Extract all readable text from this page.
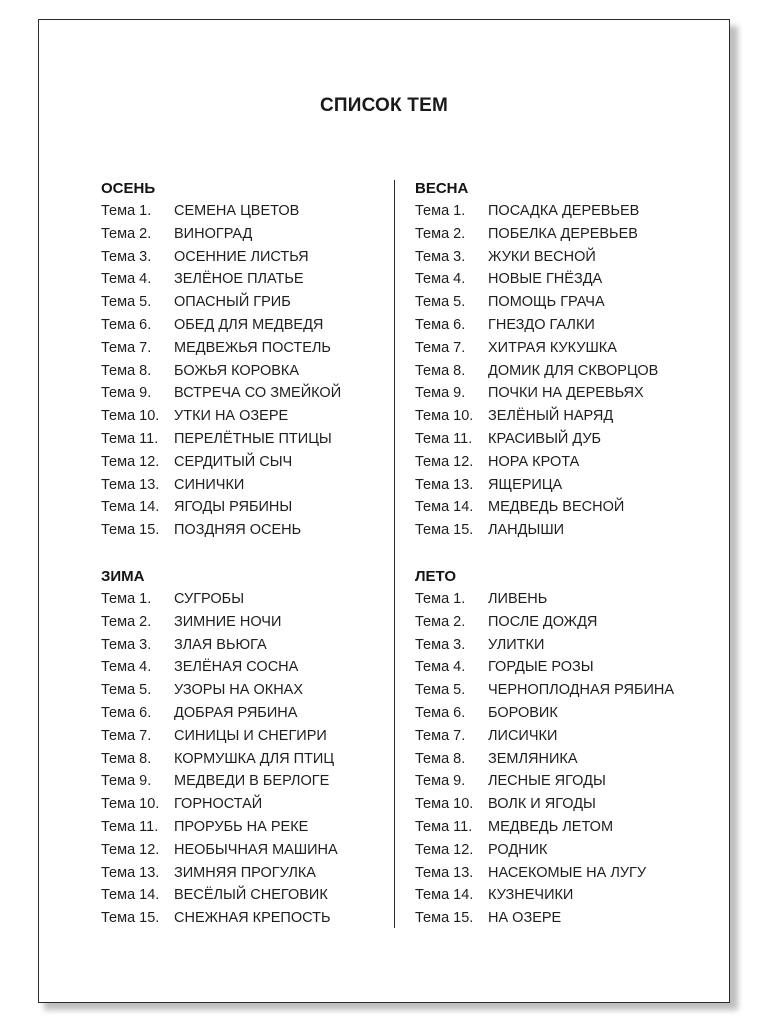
СПИСОК ТЕМ
ОСЕНЬ
Тема 1.	СЕМЕНА ЦВЕТОВ
Тема 2.	ВИНОГРАД
Тема 3.	ОСЕННИЕ ЛИСТЬЯ
Тема 4.	ЗЕЛЁНОЕ ПЛАТЬЕ
Тема 5.	ОПАСНЫЙ ГРИБ
Тема 6.	ОБЕД ДЛЯ МЕДВЕДЯ
Тема 7.	МЕДВЕЖЬЯ ПОСТЕЛЬ
Тема 8.	БОЖЬЯ КОРОВКА
Тема 9.	ВСТРЕЧА СО ЗМЕЙКОЙ
Тема 10.	УТКИ НА ОЗЕРЕ
Тема 11.	ПЕРЕЛЁТНЫЕ ПТИЦЫ
Тема 12.	СЕРДИТЫЙ СЫЧ
Тема 13.	СИНИЧКИ
Тема 14.	ЯГОДЫ РЯБИНЫ
Тема 15.	ПОЗДНЯЯ ОСЕНЬ
ЗИМА
Тема 1.	СУГРОБЫ
Тема 2.	ЗИМНИЕ НОЧИ
Тема 3.	ЗЛАЯ ВЬЮГА
Тема 4.	ЗЕЛЁНАЯ СОСНА
Тема 5.	УЗОРЫ НА ОКНАХ
Тема 6.	ДОБРАЯ РЯБИНА
Тема 7.	СИНИЦЫ И СНЕГИРИ
Тема 8.	КОРМУШКА ДЛЯ ПТИЦ
Тема 9.	МЕДВЕДИ В БЕРЛОГЕ
Тема 10.	ГОРНОСТАЙ
Тема 11.	ПРОРУБЬ НА РЕКЕ
Тема 12.	НЕОБЫЧНАЯ МАШИНА
Тема 13.	ЗИМНЯЯ ПРОГУЛКА
Тема 14.	ВЕСЁЛЫЙ СНЕГОВИК
Тема 15.	СНЕЖНАЯ КРЕПОСТЬ
ВЕСНА
Тема 1.	ПОСАДКА ДЕРЕВЬЕВ
Тема 2.	ПОБЕЛКА ДЕРЕВЬЕВ
Тема 3.	ЖУКИ ВЕСНОЙ
Тема 4.	НОВЫЕ ГНЁЗДА
Тема 5.	ПОМОЩЬ ГРАЧА
Тема 6.	ГНЕЗДО ГАЛКИ
Тема 7.	ХИТРАЯ КУКУШКА
Тема 8.	ДОМИК ДЛЯ СКВОРЦОВ
Тема 9.	ПОЧКИ НА ДЕРЕВЬЯХ
Тема 10.	ЗЕЛЁНЫЙ НАРЯД
Тема 11.	КРАСИВЫЙ ДУБ
Тема 12.	НОРА КРОТА
Тема 13.	ЯЩЕРИЦА
Тема 14.	МЕДВЕДЬ ВЕСНОЙ
Тема 15.	ЛАНДЫШИ
ЛЕТО
Тема 1.	ЛИВЕНЬ
Тема 2.	ПОСЛЕ ДОЖДЯ
Тема 3.	УЛИТКИ
Тема 4.	ГОРДЫЕ РОЗЫ
Тема 5.	ЧЕРНОПЛОДНАЯ РЯБИНА
Тема 6.	БОРОВИК
Тема 7.	ЛИСИЧКИ
Тема 8.	ЗЕМЛЯНИКА
Тема 9.	ЛЕСНЫЕ ЯГОДЫ
Тема 10.	ВОЛК И ЯГОДЫ
Тема 11.	МЕДВЕДЬ ЛЕТОМ
Тема 12.	РОДНИК
Тема 13.	НАСЕКОМЫЕ НА ЛУГУ
Тема 14.	КУЗНЕЧИКИ
Тема 15.	НА ОЗЕРЕ
